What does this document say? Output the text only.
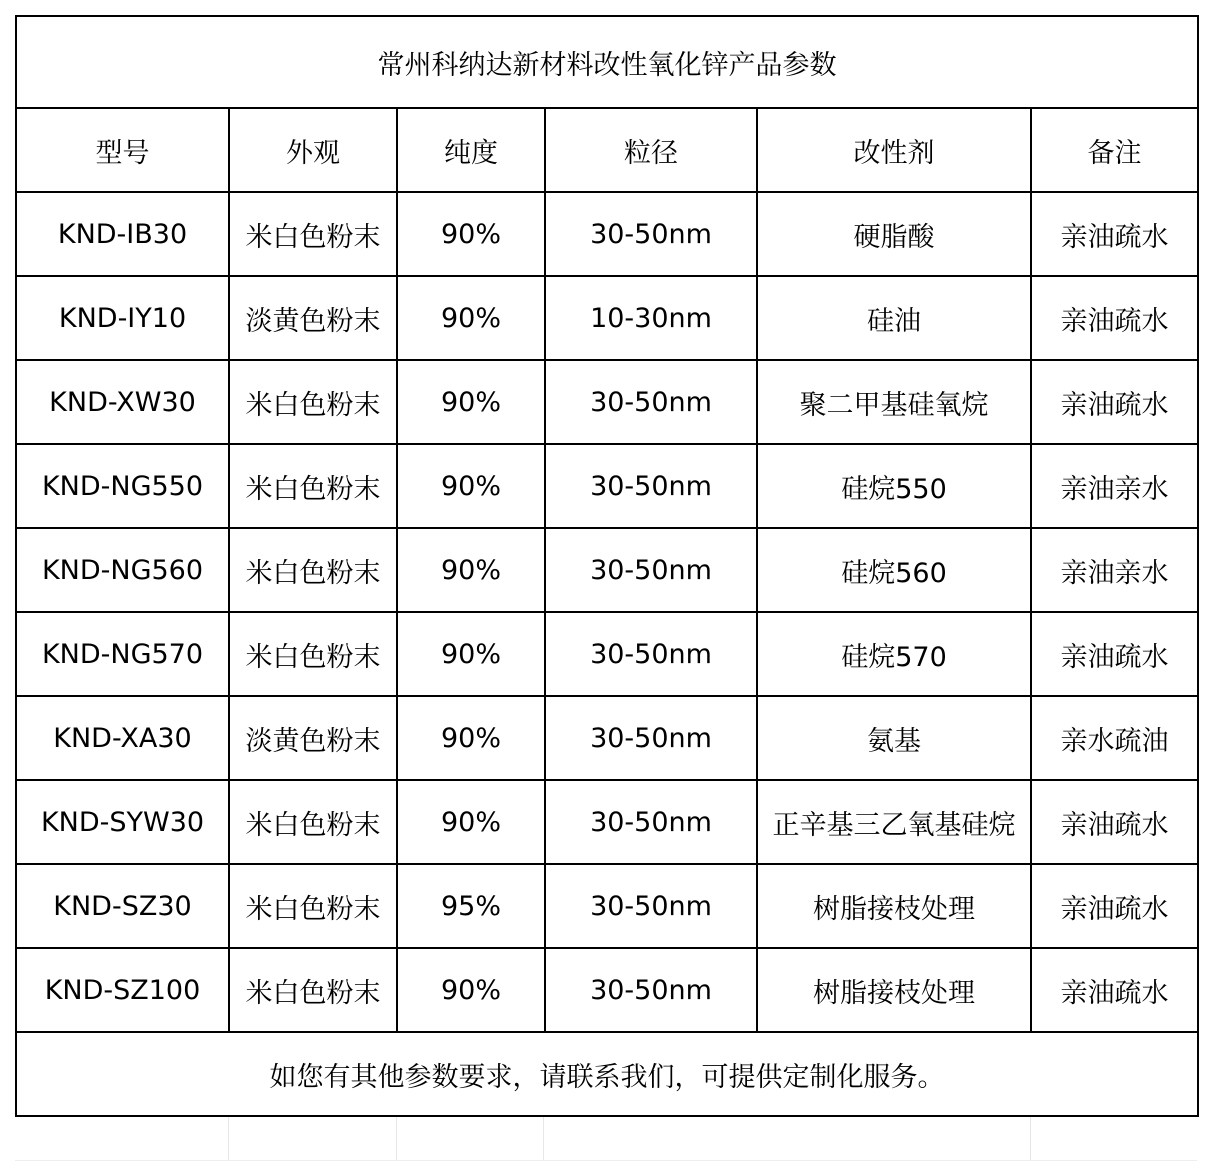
常州科纳达新材料改性氧化锌产品参数					
型号	外观	纯度	粒径	改性剂	备注
KND-IB30	米白色粉末	90%	30-50nm	硬脂酸	亲油疏水
KND-IY10	淡黄色粉末	90%	10-30nm	硅油	亲油疏水
KND-XW30	米白色粉末	90%	30-50nm	聚二甲基硅氧烷	亲油疏水
KND-NG550	米白色粉末	90%	30-50nm	硅烷550	亲油亲水
KND-NG560	米白色粉末	90%	30-50nm	硅烷560	亲油亲水
KND-NG570	米白色粉末	90%	30-50nm	硅烷570	亲油疏水
KND-XA30	淡黄色粉末	90%	30-50nm	氨基	亲水疏油
KND-SYW30	米白色粉末	90%	30-50nm	正辛基三乙氧基硅烷	亲油疏水
KND-SZ30	米白色粉末	95%	30-50nm	树脂接枝处理	亲油疏水
KND-SZ100	米白色粉末	90%	30-50nm	树脂接枝处理	亲油疏水
如您有其他参数要求，请联系我们，可提供定制化服务。					
